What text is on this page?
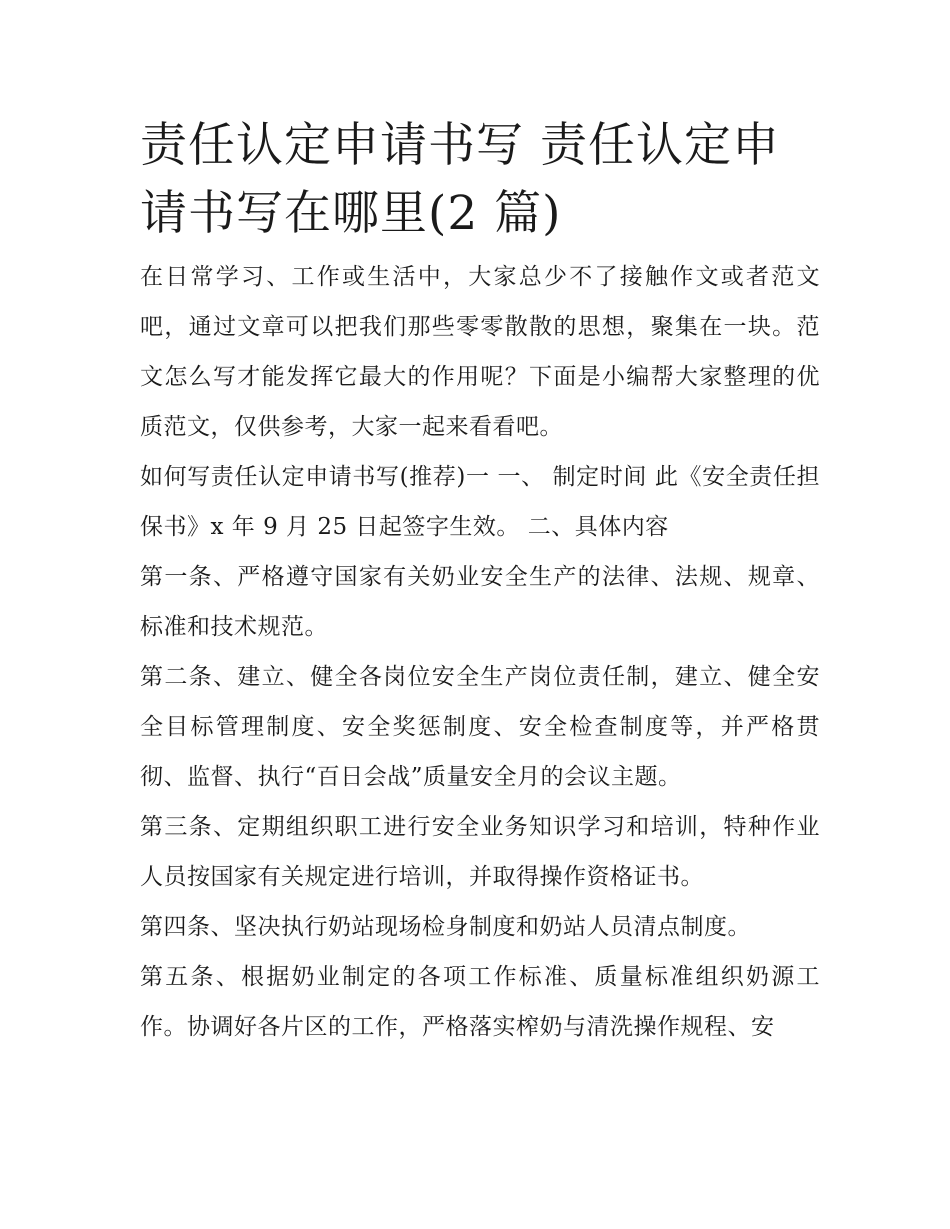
责任认定申请书写 责任认定申请书写在哪里(2 篇)

在日常学习、工作或生活中，大家总少不了接触作文或者范文吧，通过文章可以把我们那些零零散散的思想，聚集在一块。范文怎么写才能发挥它最大的作用呢？下面是小编帮大家整理的优质范文，仅供参考，大家一起来看看吧。

如何写责任认定申请书写(推荐)一 一、 制定时间 此《安全责任担保书》x 年 9 月 25 日起签字生效。 二、具体内容

第一条、严格遵守国家有关奶业安全生产的法律、法规、规章、标准和技术规范。

第二条、建立、健全各岗位安全生产岗位责任制，建立、健全安全目标管理制度、安全奖惩制度、安全检查制度等，并严格贯彻、监督、执行“百日会战”质量安全月的会议主题。

第三条、定期组织职工进行安全业务知识学习和培训，特种作业人员按国家有关规定进行培训，并取得操作资格证书。

第四条、坚决执行奶站现场检身制度和奶站人员清点制度。

第五条、根据奶业制定的各项工作标准、质量标准组织奶源工作。协调好各片区的工作，严格落实榨奶与清洗操作规程、安
